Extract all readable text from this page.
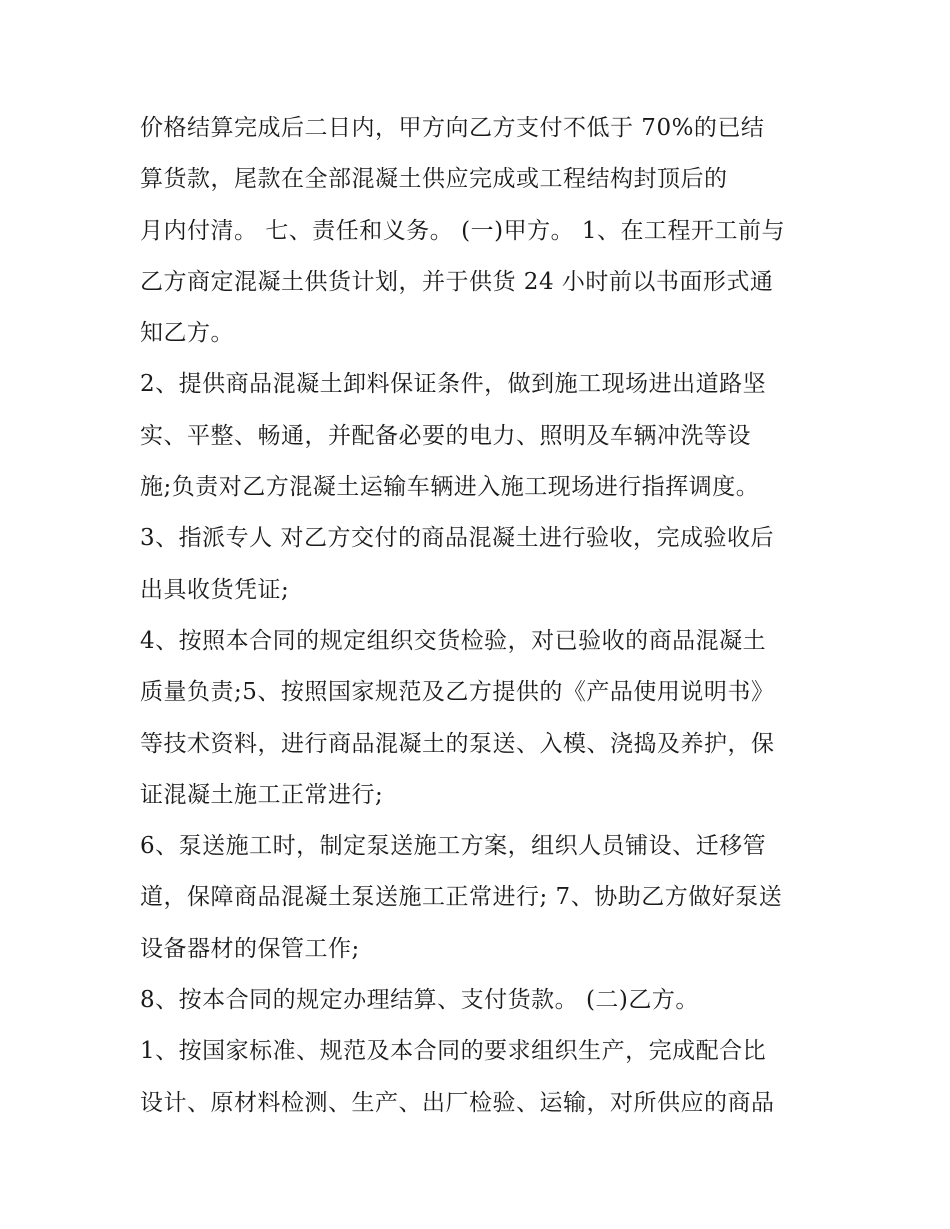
价格结算完成后二日内，甲方向乙方支付不低于 70%的已结
算货款，尾款在全部混凝土供应完成或工程结构封顶后的
月内付清。 七、责任和义务。 (一)甲方。 1、在工程开工前与
乙方商定混凝土供货计划，并于供货 24 小时前以书面形式通
知乙方。
2、提供商品混凝土卸料保证条件，做到施工现场进出道路坚
实、平整、畅通，并配备必要的电力、照明及车辆冲洗等设
施;负责对乙方混凝土运输车辆进入施工现场进行指挥调度。
3、指派专人 对乙方交付的商品混凝土进行验收，完成验收后
出具收货凭证;
4、按照本合同的规定组织交货检验，对已验收的商品混凝土
质量负责;5、按照国家规范及乙方提供的《产品使用说明书》
等技术资料，进行商品混凝土的泵送、入模、浇捣及养护，保
证混凝土施工正常进行;
6、泵送施工时，制定泵送施工方案，组织人员铺设、迁移管
道，保障商品混凝土泵送施工正常进行; 7、协助乙方做好泵送
设备器材的保管工作;
8、按本合同的规定办理结算、支付货款。 (二)乙方。
1、按国家标准、规范及本合同的要求组织生产，完成配合比
设计、原材料检测、生产、出厂检验、运输，对所供应的商品
